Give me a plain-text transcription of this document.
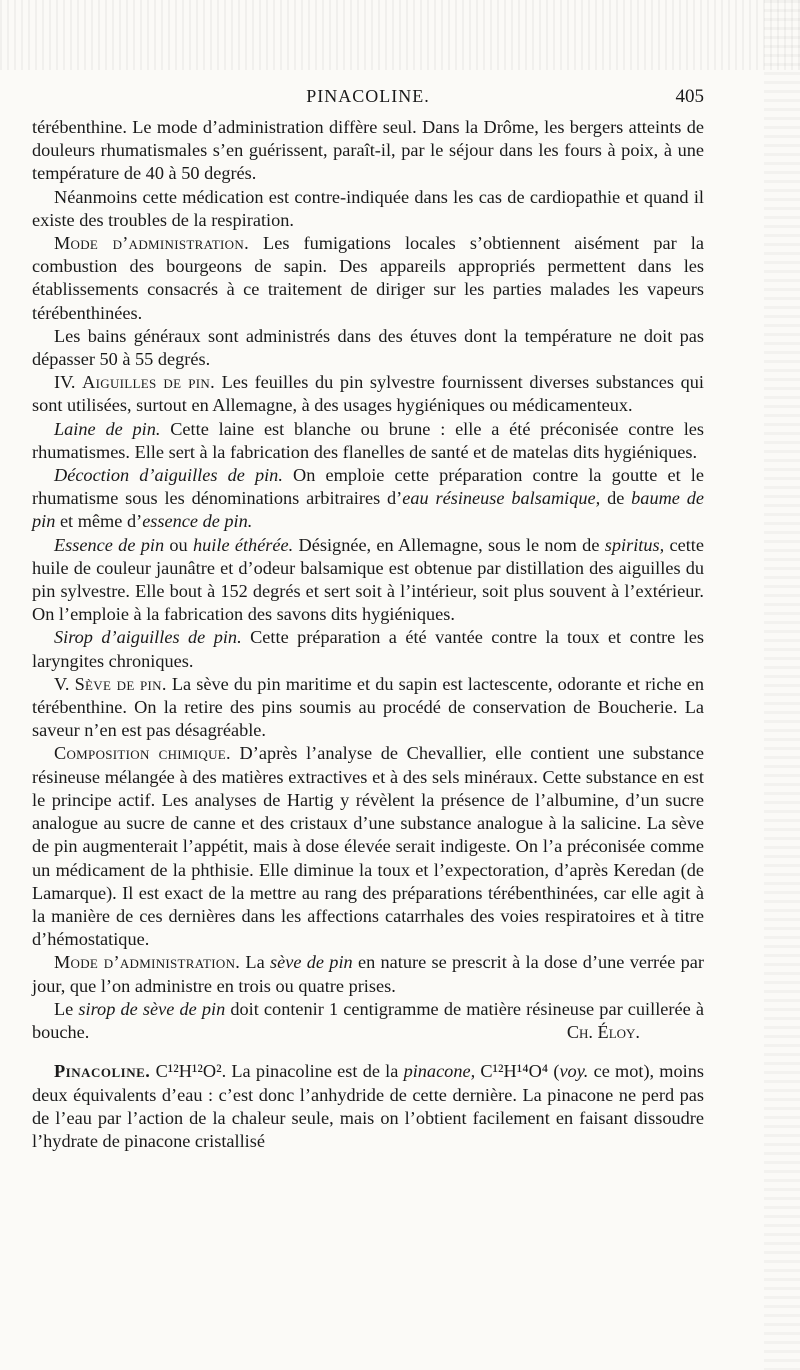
PINACOLINE.	405

térébenthine. Le mode d’administration diffère seul. Dans la Drôme, les bergers atteints de douleurs rhumatismales s’en guérissent, paraît-il, par le séjour dans les fours à poix, à une température de 40 à 50 degrés.

Néanmoins cette médication est contre-indiquée dans les cas de cardiopathie et quand il existe des troubles de la respiration.

Mode d’administration. Les fumigations locales s’obtiennent aisément par la combustion des bourgeons de sapin. Des appareils appropriés permettent dans les établissements consacrés à ce traitement de diriger sur les parties malades les vapeurs térébenthinées.

Les bains généraux sont administrés dans des étuves dont la température ne doit pas dépasser 50 à 55 degrés.

IV. Aiguilles de pin. Les feuilles du pin sylvestre fournissent diverses substances qui sont utilisées, surtout en Allemagne, à des usages hygiéniques ou médicamenteux.

Laine de pin. Cette laine est blanche ou brune : elle a été préconisée contre les rhumatismes. Elle sert à la fabrication des flanelles de santé et de matelas dits hygiéniques.

Décoction d’aiguilles de pin. On emploie cette préparation contre la goutte et le rhumatisme sous les dénominations arbitraires d’eau résineuse balsamique, de baume de pin et même d’essence de pin.

Essence de pin ou huile éthérée. Désignée, en Allemagne, sous le nom de spiritus, cette huile de couleur jaunâtre et d’odeur balsamique est obtenue par distillation des aiguilles du pin sylvestre. Elle bout à 152 degrés et sert soit à l’intérieur, soit plus souvent à l’extérieur. On l’emploie à la fabrication des savons dits hygiéniques.

Sirop d’aiguilles de pin. Cette préparation a été vantée contre la toux et contre les laryngites chroniques.

V. Sève de pin. La sève du pin maritime et du sapin est lactescente, odorante et riche en térébenthine. On la retire des pins soumis au procédé de conservation de Boucherie. La saveur n’en est pas désagréable.

Composition chimique. D’après l’analyse de Chevallier, elle contient une substance résineuse mélangée à des matières extractives et à des sels minéraux. Cette substance en est le principe actif. Les analyses de Hartig y révèlent la présence de l’albumine, d’un sucre analogue au sucre de canne et des cristaux d’une substance analogue à la salicine. La sève de pin augmenterait l’appétit, mais à dose élevée serait indigeste. On l’a préconisée comme un médicament de la phthisie. Elle diminue la toux et l’expectoration, d’après Keredan (de Lamarque). Il est exact de la mettre au rang des préparations térébenthinées, car elle agit à la manière de ces dernières dans les affections catarrhales des voies respiratoires et à titre d’hémostatique.

Mode d’administration. La sève de pin en nature se prescrit à la dose d’une verrée par jour, que l’on administre en trois ou quatre prises.

Le sirop de sève de pin doit contenir 1 centigramme de matière résineuse par cuillerée à bouche.	Ch. Éloy.

Pinacoline. C¹²H¹²O². La pinacoline est de la pinacone, C¹²H¹⁴O⁴ (voy. ce mot), moins deux équivalents d’eau : c’est donc l’anhydride de cette dernière. La pinacone ne perd pas de l’eau par l’action de la chaleur seule, mais on l’obtient facilement en faisant dissoudre l’hydrate de pinacone cristallisé
